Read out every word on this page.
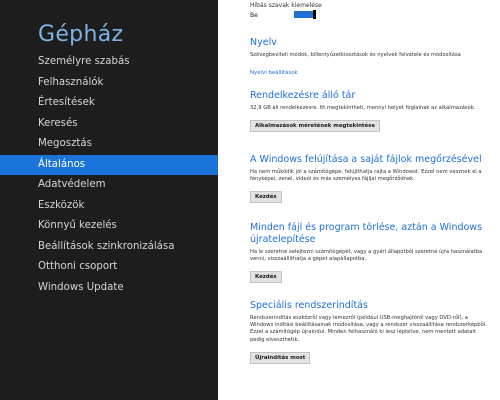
Gépház
Személyre szabás
Felhasználók
Értesítések
Keresés
Megosztás
Általános
Adatvédelem
Eszközök
Könnyű kezelés
Beállítások szinkronizálása
Otthoni csoport
Windows Update
Hibás szavak kiemelése
Be
Nyelv

Szövegbeviteli módok, billentyűzetkiosztások és nyelvek felvétele és módosítása

Nyelvi beállítások
Rendelkezésre álló tár

32,9 GB áll rendelkezésre. Itt megtekintheti, mennyi helyet foglalnak az alkalmazások.

Alkalmazások méretének megtekintése
A Windows felújítása a saját fájlok megőrzésével

Ha nem működik jól a számítógépe, felújíthatja rajta a Windowst. Ezzel nem vesznek el a fényképei, zenéi, videói és más személyes fájljai megőrződnek.

Kezdés
Minden fájl és program törlése, aztán a Windows újratelepítése

Ha le szeretné selejtezni számítógépét, vagy a gyári állapotból szeretné újra használatba venni, visszaállíthatja a gépet alapállapotba.

Kezdés
Speciális rendszerindítás

Rendszerindítás eszközről vagy lemezről (például USB-meghajtóról vagy DVD-ről), a Windows indítási beállításainak módosítása, vagy a rendszer visszaállítása rendszerképből. Ezzel a számítógép újraindul. Minden felhasználó ki lesz léptetve, nem mentett adatait pedig elveszthetik.

Újraindítás most
